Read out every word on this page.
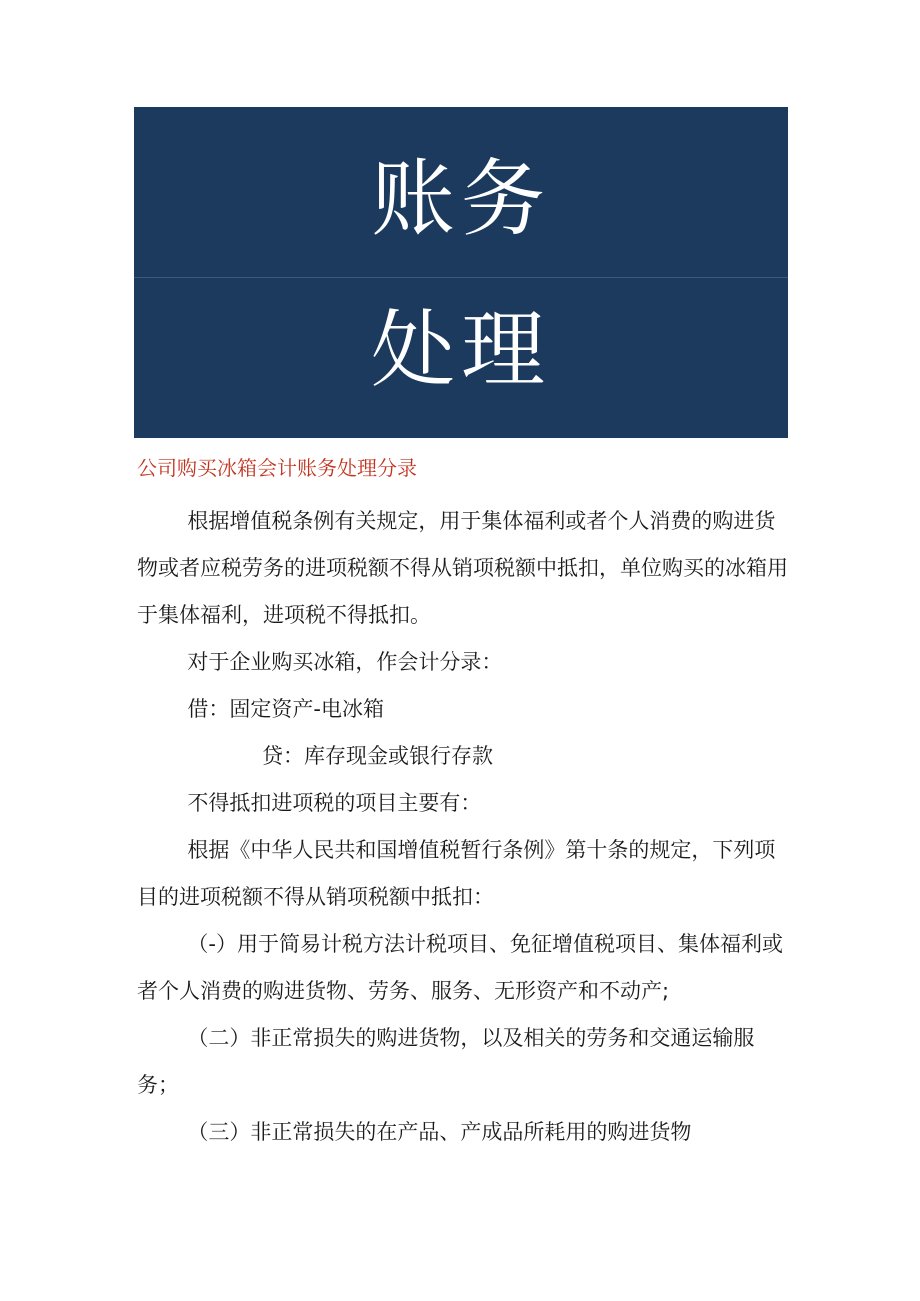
账务
处理
公司购买冰箱会计账务处理分录

根据增值税条例有关规定，用于集体福利或者个人消费的购进货物或者应税劳务的进项税额不得从销项税额中抵扣，单位购买的冰箱用于集体福利，进项税不得抵扣。

对于企业购买冰箱，作会计分录：

借：固定资产-电冰箱

贷：库存现金或银行存款

不得抵扣进项税的项目主要有：

根据《中华人民共和国增值税暂行条例》第十条的规定，下列项目的进项税额不得从销项税额中抵扣：

（-）用于简易计税方法计税项目、免征增值税项目、集体福利或者个人消费的购进货物、劳务、服务、无形资产和不动产;

（二）非正常损失的购进货物，以及相关的劳务和交通运输服务；

（三）非正常损失的在产品、产成品所耗用的购进货物
